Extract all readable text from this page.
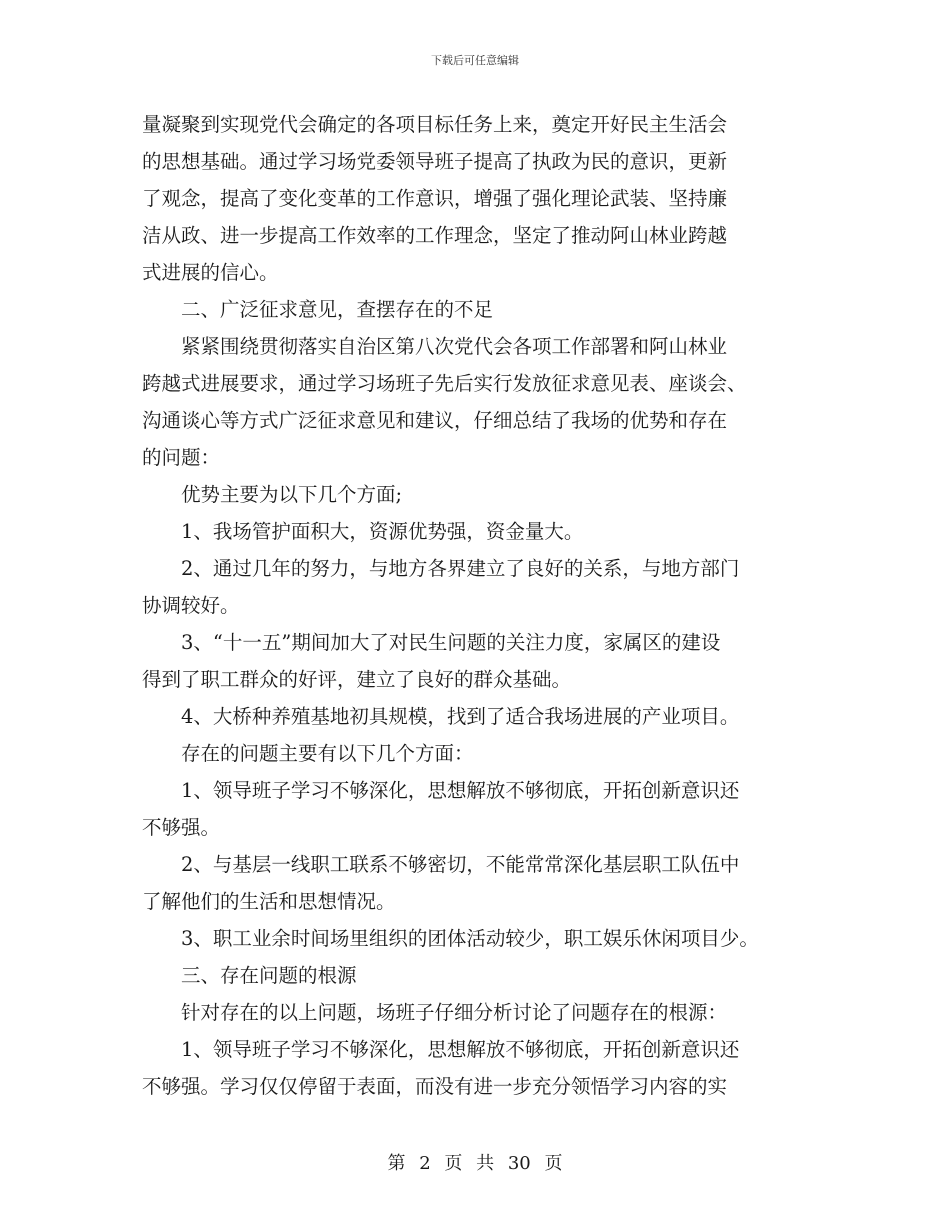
下载后可任意编辑
量凝聚到实现党代会确定的各项目标任务上来，奠定开好民主生活会
的思想基础。通过学习场党委领导班子提高了执政为民的意识，更新
了观念，提高了变化变革的工作意识，增强了强化理论武装、坚持廉
洁从政、进一步提高工作效率的工作理念，坚定了推动阿山林业跨越
式进展的信心。
　　二、广泛征求意见，查摆存在的不足
　　紧紧围绕贯彻落实自治区第八次党代会各项工作部署和阿山林业
跨越式进展要求，通过学习场班子先后实行发放征求意见表、座谈会、
沟通谈心等方式广泛征求意见和建议，仔细总结了我场的优势和存在
的问题：
　　优势主要为以下几个方面;
　　1、我场管护面积大，资源优势强，资金量大。
　　2、通过几年的努力，与地方各界建立了良好的关系，与地方部门
协调较好。
　　3、“十一五”期间加大了对民生问题的关注力度，家属区的建设
得到了职工群众的好评，建立了良好的群众基础。
　　4、大桥种养殖基地初具规模，找到了适合我场进展的产业项目。
　　存在的问题主要有以下几个方面：
　　1、领导班子学习不够深化，思想解放不够彻底，开拓创新意识还
不够强。
　　2、与基层一线职工联系不够密切，不能常常深化基层职工队伍中
了解他们的生活和思想情况。
　　3、职工业余时间场里组织的团体活动较少，职工娱乐休闲项目少。
　　三、存在问题的根源
　　针对存在的以上问题，场班子仔细分析讨论了问题存在的根源：
　　1、领导班子学习不够深化，思想解放不够彻底，开拓创新意识还
不够强。学习仅仅停留于表面，而没有进一步充分领悟学习内容的实
第 2 页 共 30 页
